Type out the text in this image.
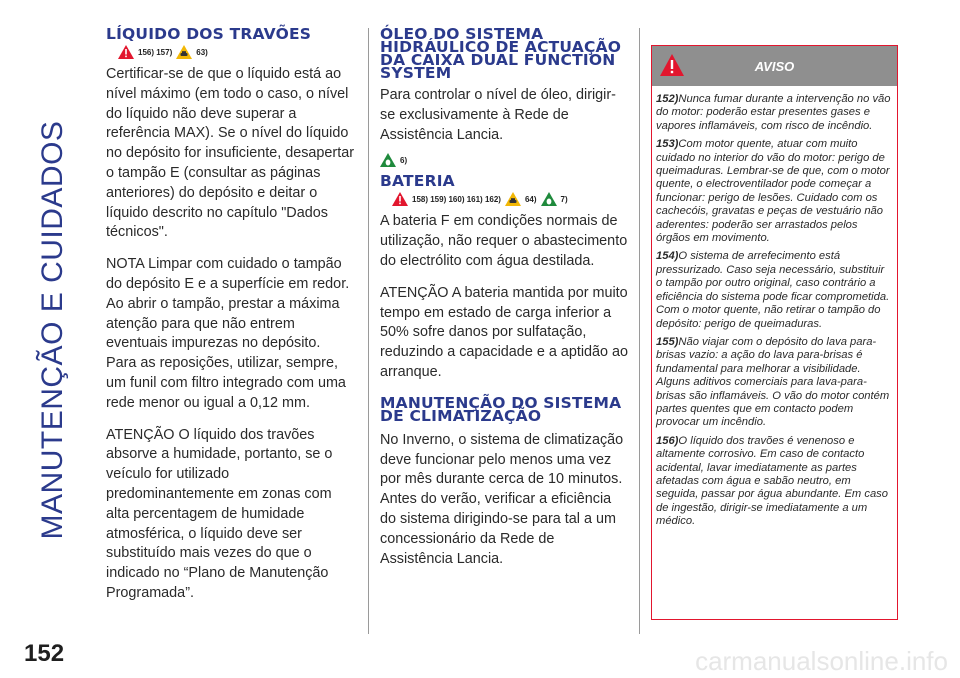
MANUTENÇÃO E CUIDADOS
LÍQUIDO DOS TRAVÕES
156) 157)	63)

Certificar-se de que o líquido está ao nível máximo (em todo o caso, o nível do líquido não deve superar a referência MAX). Se o nível do líquido no depósito for insuficiente, desapertar o tampão E (consultar as páginas anteriores) do depósito e deitar o líquido descrito no capítulo "Dados técnicos".

NOTA Limpar com cuidado o tampão do depósito E e a superfície em redor. Ao abrir o tampão, prestar a máxima atenção para que não entrem eventuais impurezas no depósito.

Para as reposições, utilizar, sempre, um funil com filtro integrado com uma rede menor ou igual a 0,12 mm.

ATENÇÃO O líquido dos travões absorve a humidade, portanto, se o veículo for utilizado predominantemente em zonas com alta percentagem de humidade atmosférica, o líquido deve ser substituído mais vezes do que o indicado no “Plano de Manutenção Programada”.

ÓLEO DO SISTEMA HIDRÁULICO DE ACTUAÇÃO DA CAIXA DUAL FUNCTION SYSTEM

Para controlar o nível de óleo, dirigir-se exclusivamente à Rede de Assistência Lancia.

6)
BATERIA
158) 159) 160) 161) 162)	64)	7)

A bateria F em condições normais de utilização, não requer o abastecimento do electrólito com água destilada.

ATENÇÃO A bateria mantida por muito tempo em estado de carga inferior a 50% sofre danos por sulfatação, reduzindo a capacidade e a aptidão ao arranque.

MANUTENÇÃO DO SISTEMA DE CLIMATIZAÇÃO

No Inverno, o sistema de climatização deve funcionar pelo menos uma vez por mês durante cerca de 10 minutos. Antes do verão, verificar a eficiência do sistema dirigindo-se para tal a um concessionário da Rede de Assistência Lancia.

AVISO

152)Nunca fumar durante a intervenção no vão do motor: poderão estar presentes gases e vapores inflamáveis, com risco de incêndio.

153)Com motor quente, atuar com muito cuidado no interior do vão do motor: perigo de queimaduras. Lembrar-se de que, com o motor quente, o electroventilador pode começar a funcionar: perigo de lesões. Cuidado com os cachecóis, gravatas e peças de vestuário não aderentes: poderão ser arrastados pelos órgãos em movimento.

154)O sistema de arrefecimento está pressurizado. Caso seja necessário, substituir o tampão por outro original, caso contrário a eficiência do sistema pode ficar comprometida. Com o motor quente, não retirar o tampão do depósito: perigo de queimaduras.

155)Não viajar com o depósito do lava para-brisas vazio: a ação do lava para-brisas é fundamental para melhorar a visibilidade. Alguns aditivos comerciais para lava-para-brisas são inflamáveis. O vão do motor contém partes quentes que em contacto podem provocar um incêndio.

156)O líquido dos travões é venenoso e altamente corrosivo. Em caso de contacto acidental, lavar imediatamente as partes afetadas com água e sabão neutro, em seguida, passar por água abundante. Em caso de ingestão, dirigir-se imediatamente a um médico.

152	carmanualsonline.info
